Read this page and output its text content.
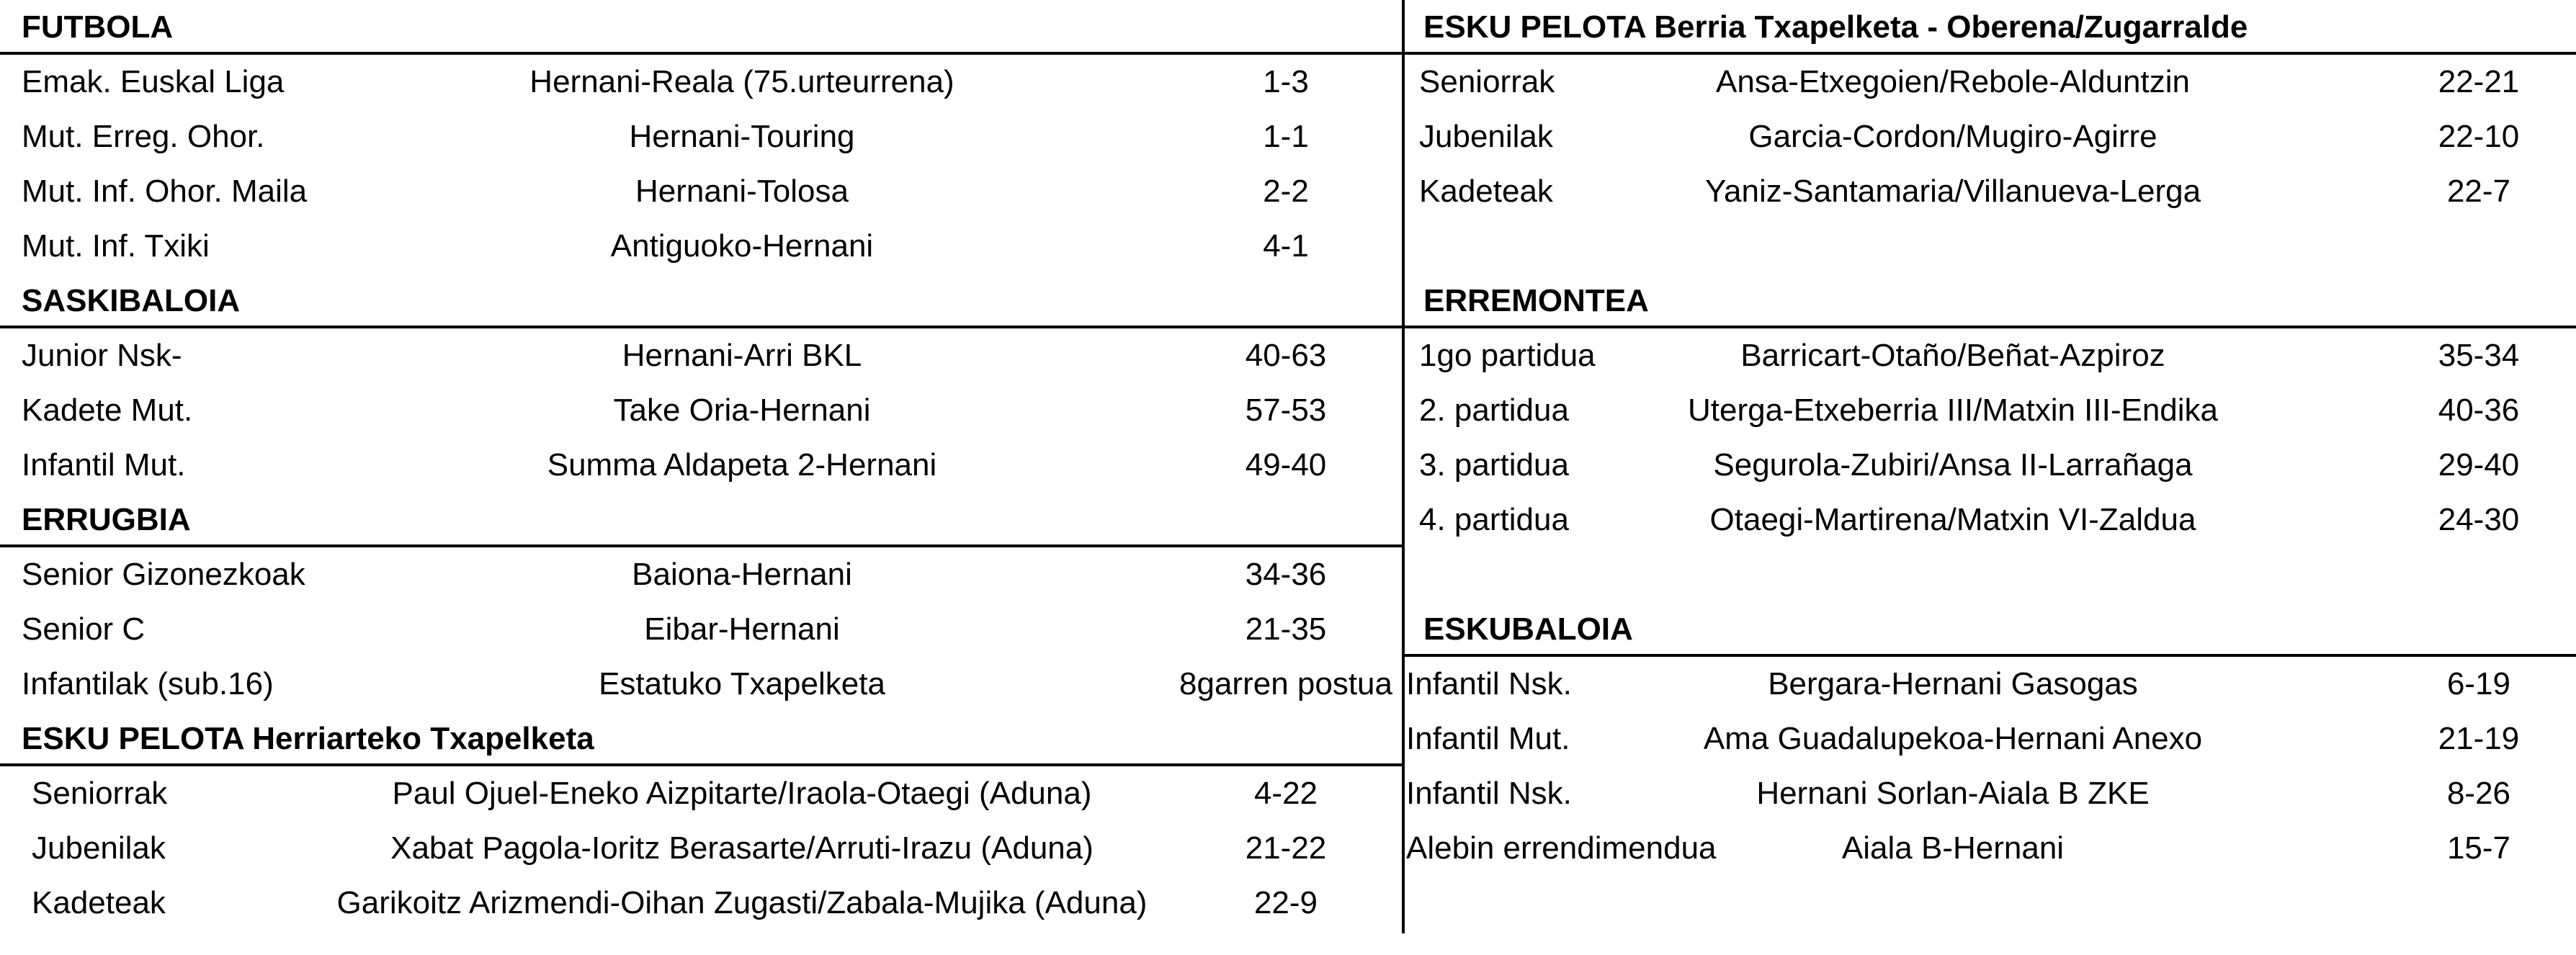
FUTBOLA
Emak. Euskal Liga	Hernani-Reala (75.urteurrena)	1-3
Mut. Erreg. Ohor.	Hernani-Touring	1-1
Mut. Inf. Ohor. Maila	Hernani-Tolosa	2-2
Mut. Inf. Txiki	Antiguoko-Hernani	4-1
SASKIBALOIA
Junior Nsk-	Hernani-Arri BKL	40-63
Kadete Mut.	Take Oria-Hernani	57-53
Infantil Mut.	Summa Aldapeta 2-Hernani	49-40
ERRUGBIA
Senior Gizonezkoak	Baiona-Hernani	34-36
Senior C	Eibar-Hernani	21-35
Infantilak (sub.16)	Estatuko Txapelketa	8garren postua
ESKU PELOTA Herriarteko Txapelketa
Seniorrak	Paul Ojuel-Eneko Aizpitarte/Iraola-Otaegi (Aduna)	4-22
Jubenilak	Xabat Pagola-Ioritz Berasarte/Arruti-Irazu (Aduna)	21-22
Kadeteak	Garikoitz Arizmendi-Oihan Zugasti/Zabala-Mujika (Aduna)	22-9
ESKU PELOTA Berria Txapelketa - Oberena/Zugarralde
Seniorrak	Ansa-Etxegoien/Rebole-Alduntzin	22-21
Jubenilak	Garcia-Cordon/Mugiro-Agirre	22-10
Kadeteak	Yaniz-Santamaria/Villanueva-Lerga	22-7
ERREMONTEA
1go partidua	Barricart-Otaño/Beñat-Azpiroz	35-34
2. partidua	Uterga-Etxeberria III/Matxin III-Endika	40-36
3. partidua	Segurola-Zubiri/Ansa II-Larrañaga	29-40
4. partidua	Otaegi-Martirena/Matxin VI-Zaldua	24-30
ESKUBALOIA
Infantil Nsk.	Bergara-Hernani Gasogas	6-19
Infantil Mut.	Ama Guadalupekoa-Hernani Anexo	21-19
Infantil Nsk.	Hernani Sorlan-Aiala B ZKE	8-26
Alebin errendimendua	Aiala B-Hernani	15-7
